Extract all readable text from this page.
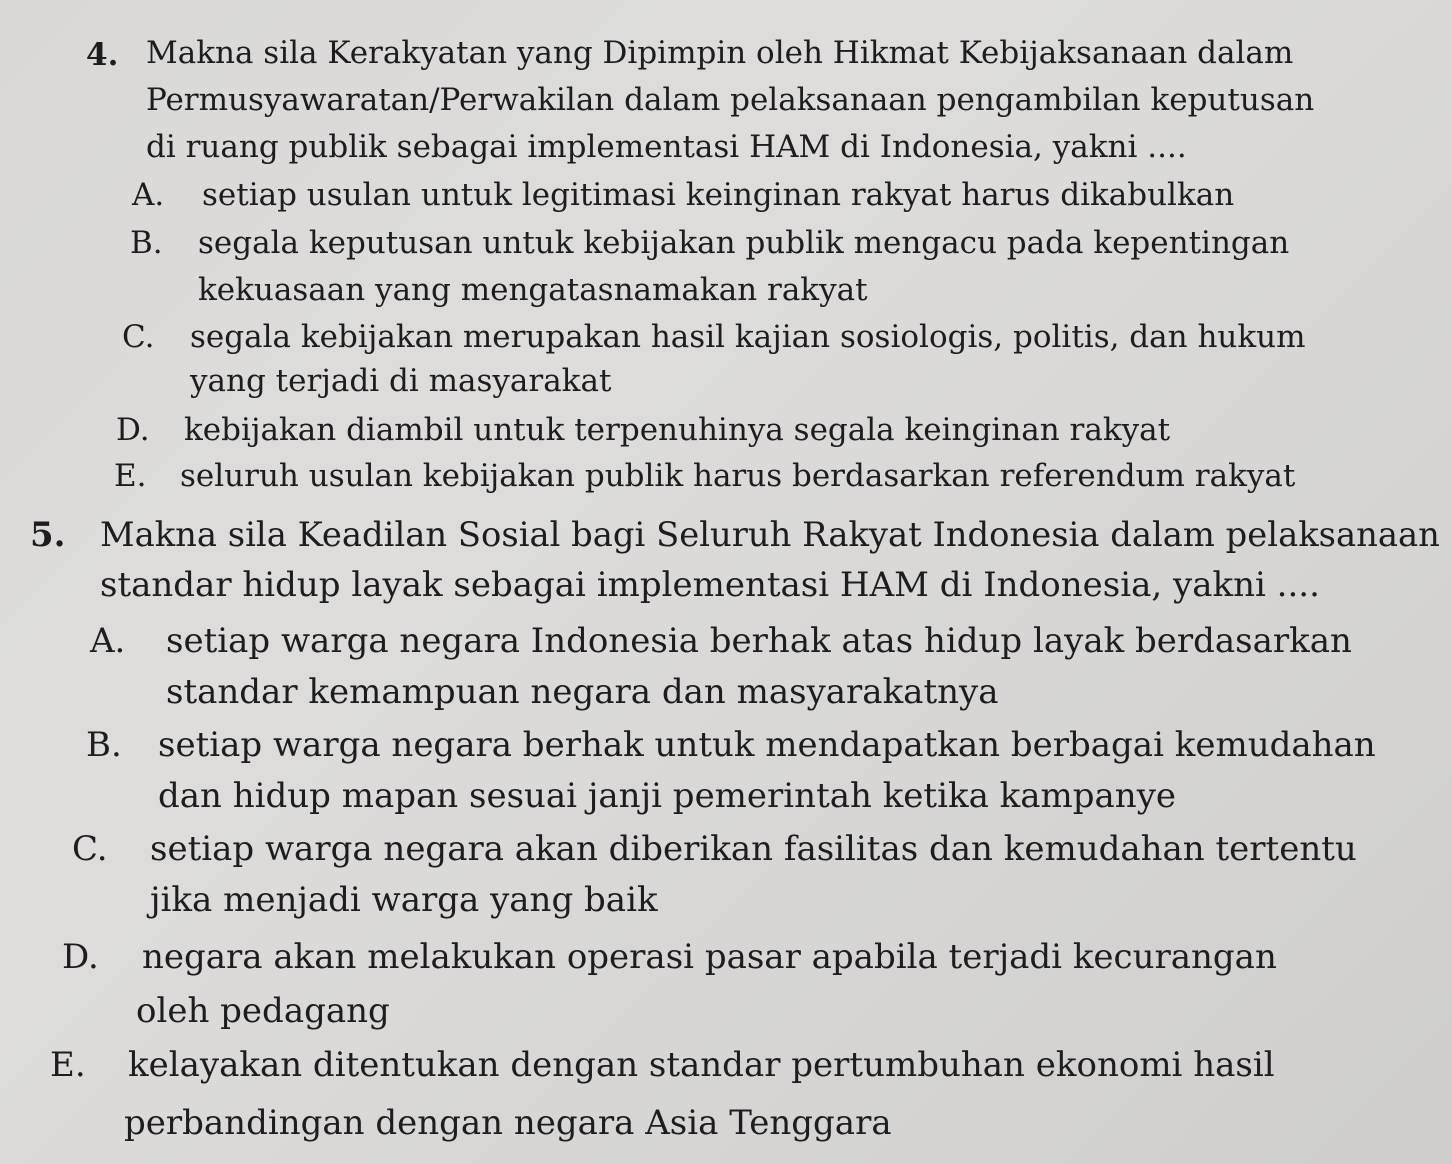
4. Makna sila Kerakyatan yang Dipimpin oleh Hikmat Kebijaksanaan dalam
Permusyawaratan/Perwakilan dalam pelaksanaan pengambilan keputusan
di ruang publik sebagai implementasi HAM di Indonesia, yakni ....
A. setiap usulan untuk legitimasi keinginan rakyat harus dikabulkan
B. segala keputusan untuk kebijakan publik mengacu pada kepentingan
kekuasaan yang mengatasnamakan rakyat
C. segala kebijakan merupakan hasil kajian sosiologis, politis, dan hukum
yang terjadi di masyarakat
D. kebijakan diambil untuk terpenuhinya segala keinginan rakyat
E. seluruh usulan kebijakan publik harus berdasarkan referendum rakyat
5. Makna sila Keadilan Sosial bagi Seluruh Rakyat Indonesia dalam pelaksanaan
standar hidup layak sebagai implementasi HAM di Indonesia, yakni ....
A. setiap warga negara Indonesia berhak atas hidup layak berdasarkan
standar kemampuan negara dan masyarakatnya
B. setiap warga negara berhak untuk mendapatkan berbagai kemudahan
dan hidup mapan sesuai janji pemerintah ketika kampanye
C. setiap warga negara akan diberikan fasilitas dan kemudahan tertentu
jika menjadi warga yang baik
D. negara akan melakukan operasi pasar apabila terjadi kecurangan
oleh pedagang
E. kelayakan ditentukan dengan standar pertumbuhan ekonomi hasil
perbandingan dengan negara Asia Tenggara
